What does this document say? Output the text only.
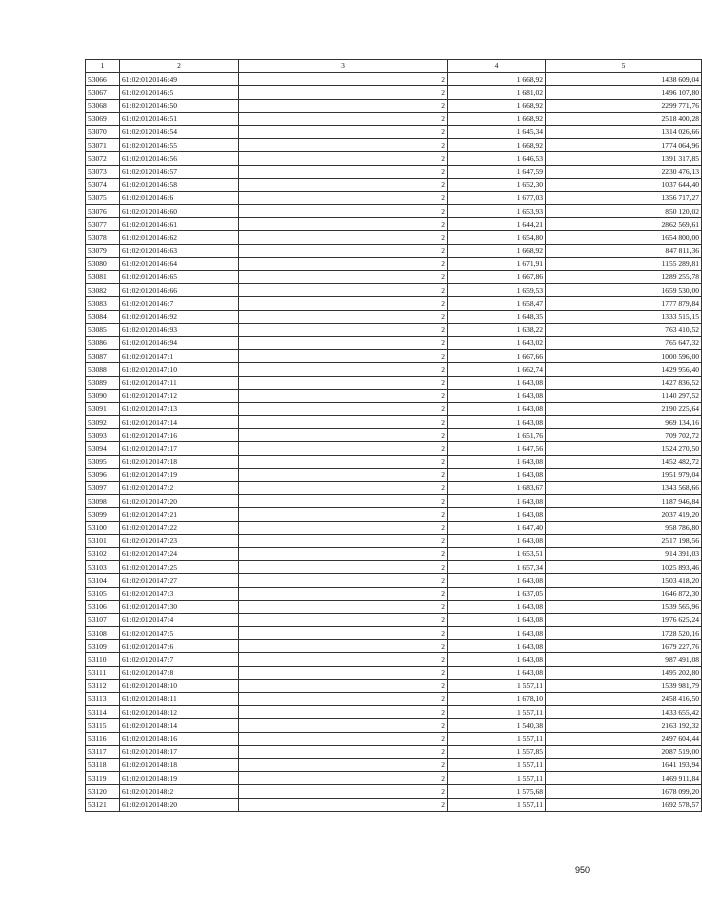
1	2	3	4	5
53066	61:02:0120146:49	2	1 668,92	1438 609,04
53067	61:02:0120146:5	2	1 681,02	1496 107,80
53068	61:02:0120146:50	2	1 668,92	2299 771,76
53069	61:02:0120146:51	2	1 668,92	2518 400,28
53070	61:02:0120146:54	2	1 645,34	1314 026,66
53071	61:02:0120146:55	2	1 668,92	1774 064,96
53072	61:02:0120146:56	2	1 646,53	1391 317,85
53073	61:02:0120146:57	2	1 647,59	2230 476,13
53074	61:02:0120146:58	2	1 652,30	1037 644,40
53075	61:02:0120146:6	2	1 677,03	1356 717,27
53076	61:02:0120146:60	2	1 653,93	850 120,02
53077	61:02:0120146:61	2	1 644,21	2862 569,61
53078	61:02:0120146:62	2	1 654,80	1654 800,00
53079	61:02:0120146:63	2	1 668,92	847 811,36
53080	61:02:0120146:64	2	1 671,91	1155 289,81
53081	61:02:0120146:65	2	1 667,86	1289 255,78
53082	61:02:0120146:66	2	1 659,53	1659 530,00
53083	61:02:0120146:7	2	1 658,47	1777 879,84
53084	61:02:0120146:92	2	1 648,35	1333 515,15
53085	61:02:0120146:93	2	1 638,22	763 410,52
53086	61:02:0120146:94	2	1 643,02	765 647,32
53087	61:02:0120147:1	2	1 667,66	1000 596,00
53088	61:02:0120147:10	2	1 662,74	1429 956,40
53089	61:02:0120147:11	2	1 643,08	1427 836,52
53090	61:02:0120147:12	2	1 643,08	1140 297,52
53091	61:02:0120147:13	2	1 643,08	2190 225,64
53092	61:02:0120147:14	2	1 643,08	969 134,16
53093	61:02:0120147:16	2	1 651,76	709 702,72
53094	61:02:0120147:17	2	1 647,56	1524 270,50
53095	61:02:0120147:18	2	1 643,08	1452 482,72
53096	61:02:0120147:19	2	1 643,08	1951 979,04
53097	61:02:0120147:2	2	1 683,67	1343 568,66
53098	61:02:0120147:20	2	1 643,08	1187 946,84
53099	61:02:0120147:21	2	1 643,08	2037 419,20
53100	61:02:0120147:22	2	1 647,40	958 786,80
53101	61:02:0120147:23	2	1 643,08	2517 198,56
53102	61:02:0120147:24	2	1 653,51	914 391,03
53103	61:02:0120147:25	2	1 657,34	1025 893,46
53104	61:02:0120147:27	2	1 643,08	1503 418,20
53105	61:02:0120147:3	2	1 637,05	1646 872,30
53106	61:02:0120147:30	2	1 643,08	1539 565,96
53107	61:02:0120147:4	2	1 643,08	1976 625,24
53108	61:02:0120147:5	2	1 643,08	1728 520,16
53109	61:02:0120147:6	2	1 643,08	1679 227,76
53110	61:02:0120147:7	2	1 643,08	987 491,08
53111	61:02:0120147:8	2	1 643,08	1495 202,80
53112	61:02:0120148:10	2	1 557,11	1539 981,79
53113	61:02:0120148:11	2	1 678,10	2458 416,50
53114	61:02:0120148:12	2	1 557,11	1433 655,42
53115	61:02:0120148:14	2	1 540,38	2163 192,32
53116	61:02:0120148:16	2	1 557,11	2497 604,44
53117	61:02:0120148:17	2	1 557,85	2087 519,00
53118	61:02:0120148:18	2	1 557,11	1641 193,94
53119	61:02:0120148:19	2	1 557,11	1469 911,84
53120	61:02:0120148:2	2	1 575,68	1678 099,20
53121	61:02:0120148:20	2	1 557,11	1692 578,57
950
